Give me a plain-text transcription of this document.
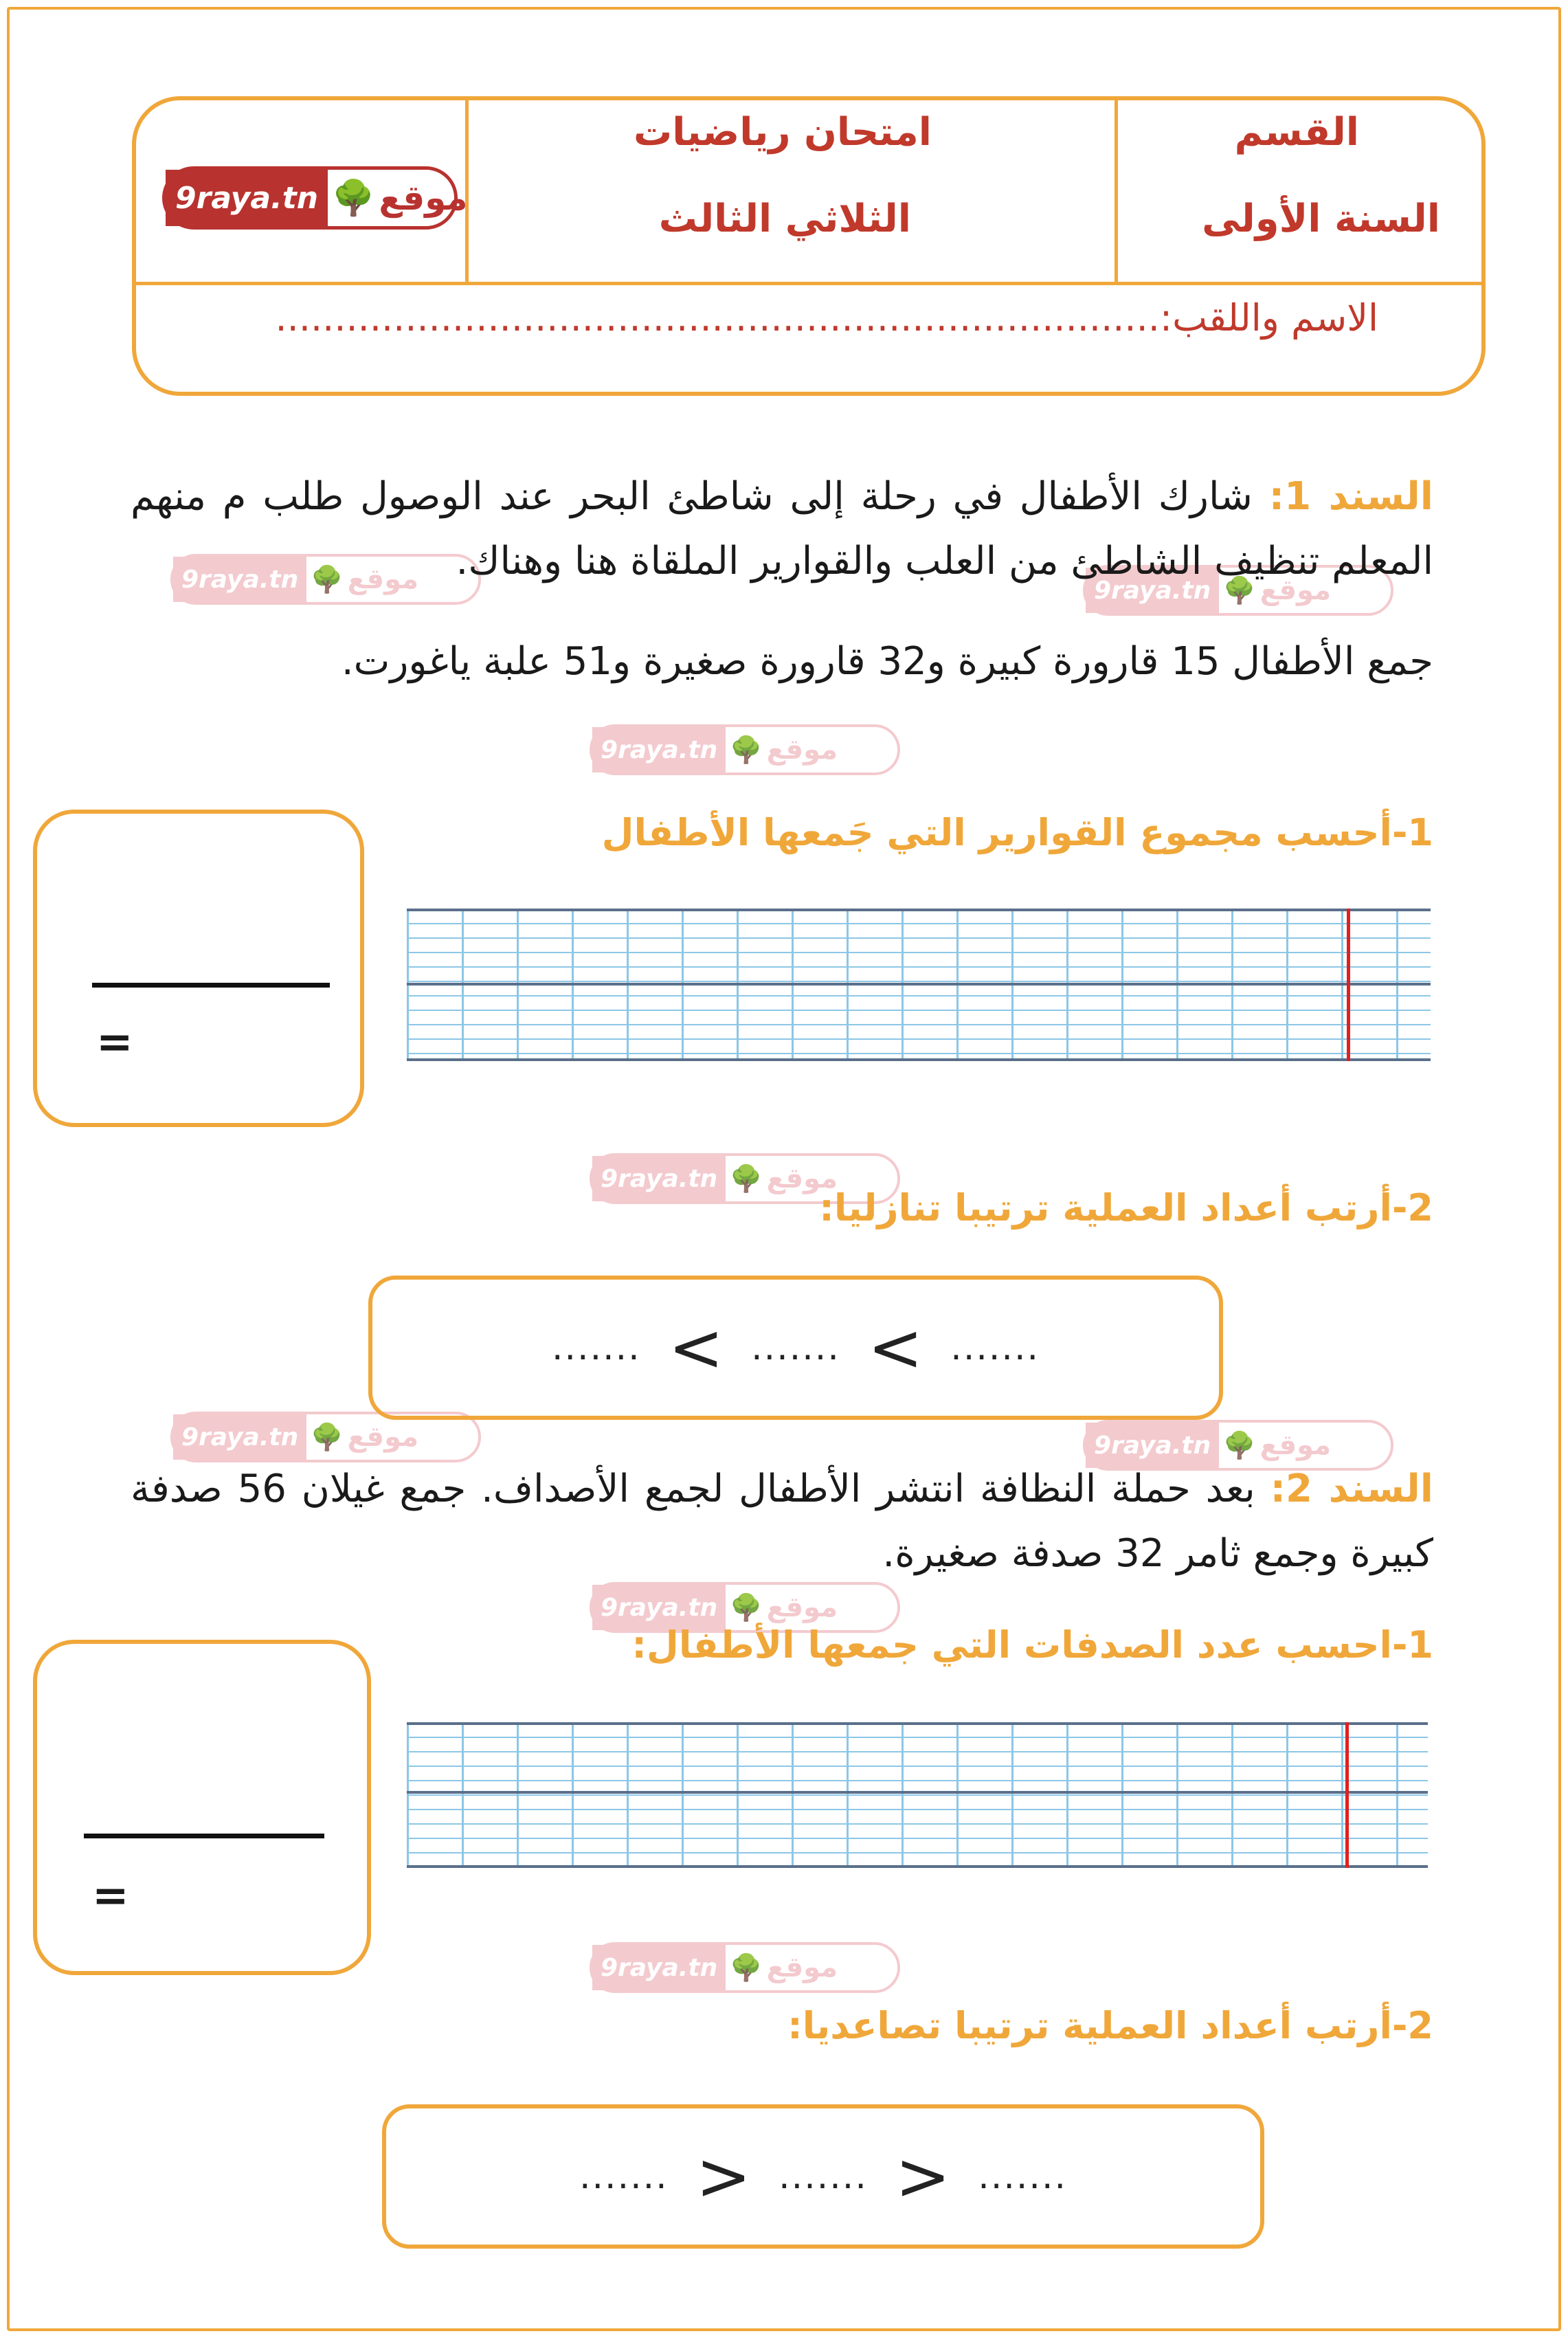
القسم
السنة الأولى
امتحان رياضيات
الثلاثي الثالث
9raya.tn 🌳 موقع
الاسم واللقب:...........................................................................
9raya.tn 🌳 موقع	9raya.tn 🌳 موقع
9raya.tn 🌳 موقع
9raya.tn 🌳 موقع
9raya.tn 🌳 موقع	9raya.tn 🌳 موقع
9raya.tn 🌳 موقع
9raya.tn 🌳 موقع
السند 1: شارك الأطفال في رحلة إلى شاطئ البحر عند الوصول طلب م منهم المعلم تنظيف الشاطئ من العلب والقوارير الملقاة هنا وهناك.
جمع الأطفال 15 قارورة كبيرة و32 قارورة صغيرة و51 علبة ياغورت.
1-أحسب مجموع القوارير التي جَمعها الأطفال
=
2-أرتب أعداد العملية ترتيبا تنازليا:
....... < ....... < .......
السند 2: بعد حملة النظافة انتشر الأطفال لجمع الأصداف. جمع غيلان 56 صدفة كبيرة وجمع ثامر 32 صدفة صغيرة.
1-احسب عدد الصدفات التي جمعها الأطفال:
=
2-أرتب أعداد العملية ترتيبا تصاعديا:
....... > ....... > .......
